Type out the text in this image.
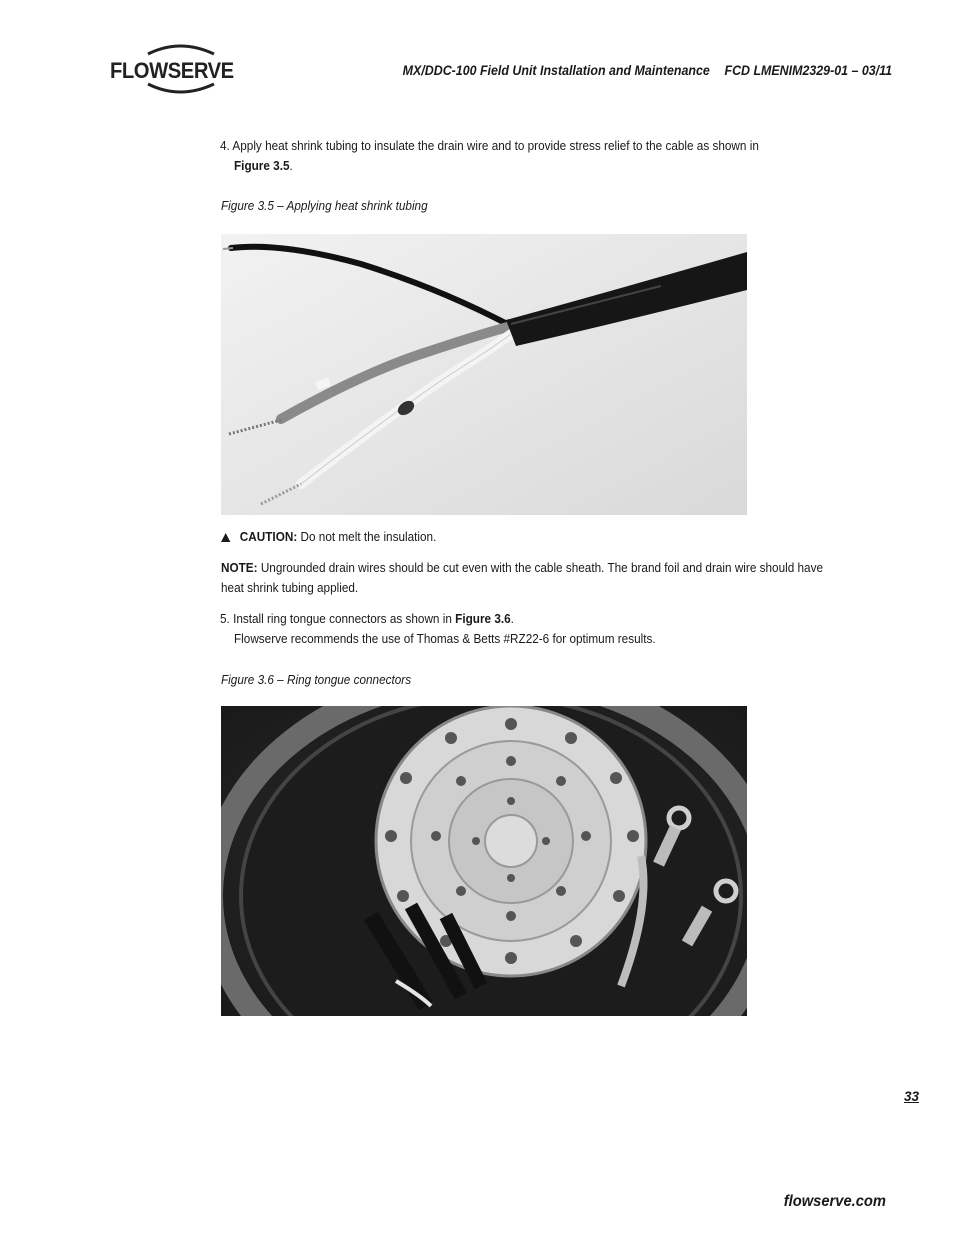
FLOWSERVE	MX/DDC-100 Field Unit Installation and Maintenance FCD LMENIM2329-01 – 03/11
4. Apply heat shrink tubing to insulate the drain wire and to provide stress relief to the cable as shown in
Figure 3.5.
Figure 3.5 – Applying heat shrink tubing
CAUTION: Do not melt the insulation.
NOTE: Ungrounded drain wires should be cut even with the cable sheath. The brand foil and drain wire should have
heat shrink tubing applied.
5. Install ring tongue connectors as shown in Figure 3.6.
Flowserve recommends the use of Thomas & Betts #RZ22-6 for optimum results.
Figure 3.6 – Ring tongue connectors
33
flowserve.com
